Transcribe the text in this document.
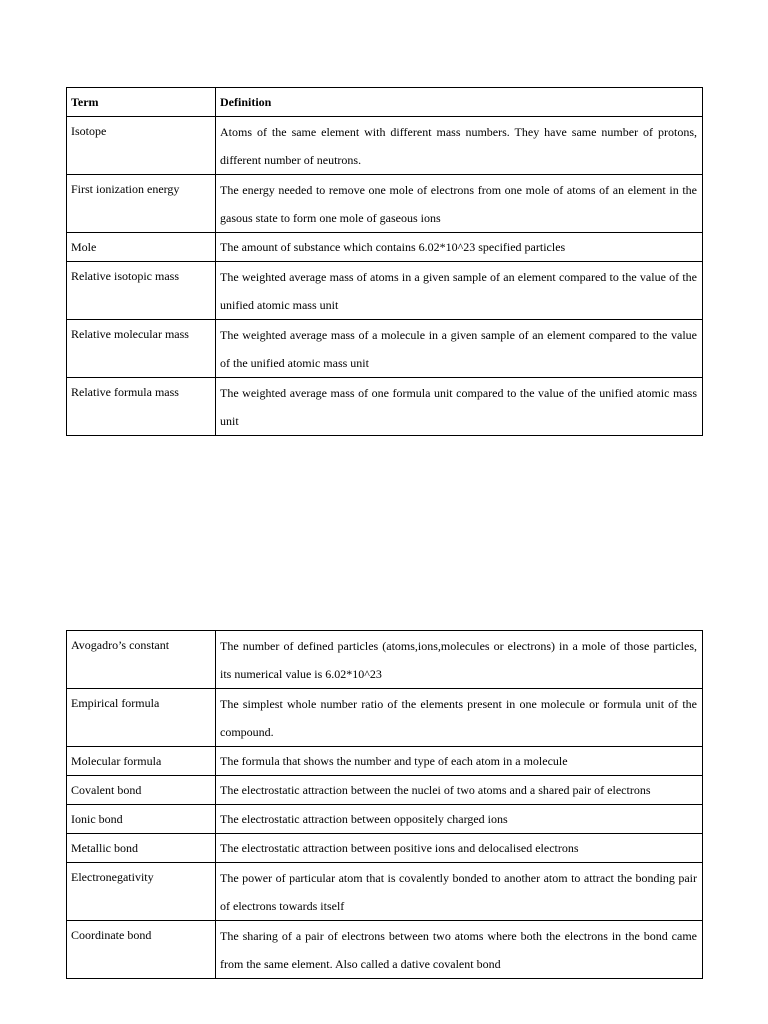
Term	Definition
Isotope	Atoms of the same element with different mass numbers. They have same number of protons, different number of neutrons.
First ionization energy	The energy needed to remove one mole of electrons from one mole of atoms of an element in the gasous state to form one mole of gaseous ions
Mole	The amount of substance which contains 6.02*10^23 specified particles
Relative isotopic mass	The weighted average mass of atoms in a given sample of an element compared to the value of the unified atomic mass unit
Relative molecular mass	The weighted average mass of a molecule in a given sample of an element compared to the value of the unified atomic mass unit
Relative formula mass	The weighted average mass of one formula unit compared to the value of the unified atomic mass unit
Avogadro’s constant	The number of defined particles (atoms,ions,molecules or electrons) in a mole of those particles, its numerical value is 6.02*10^23
Empirical formula	The simplest whole number ratio of the elements present in one molecule or formula unit of the compound.
Molecular formula	The formula that shows the number and type of each atom in a molecule
Covalent bond	The electrostatic attraction between the nuclei of two atoms and a shared pair of electrons
Ionic bond	The electrostatic attraction between oppositely charged ions
Metallic bond	The electrostatic attraction between positive ions and delocalised electrons
Electronegativity	The power of particular atom that is covalently bonded to another atom to attract the bonding pair of electrons towards itself
Coordinate bond	The sharing of a pair of electrons between two atoms where both the electrons in the bond came from the same element. Also called a dative covalent bond
